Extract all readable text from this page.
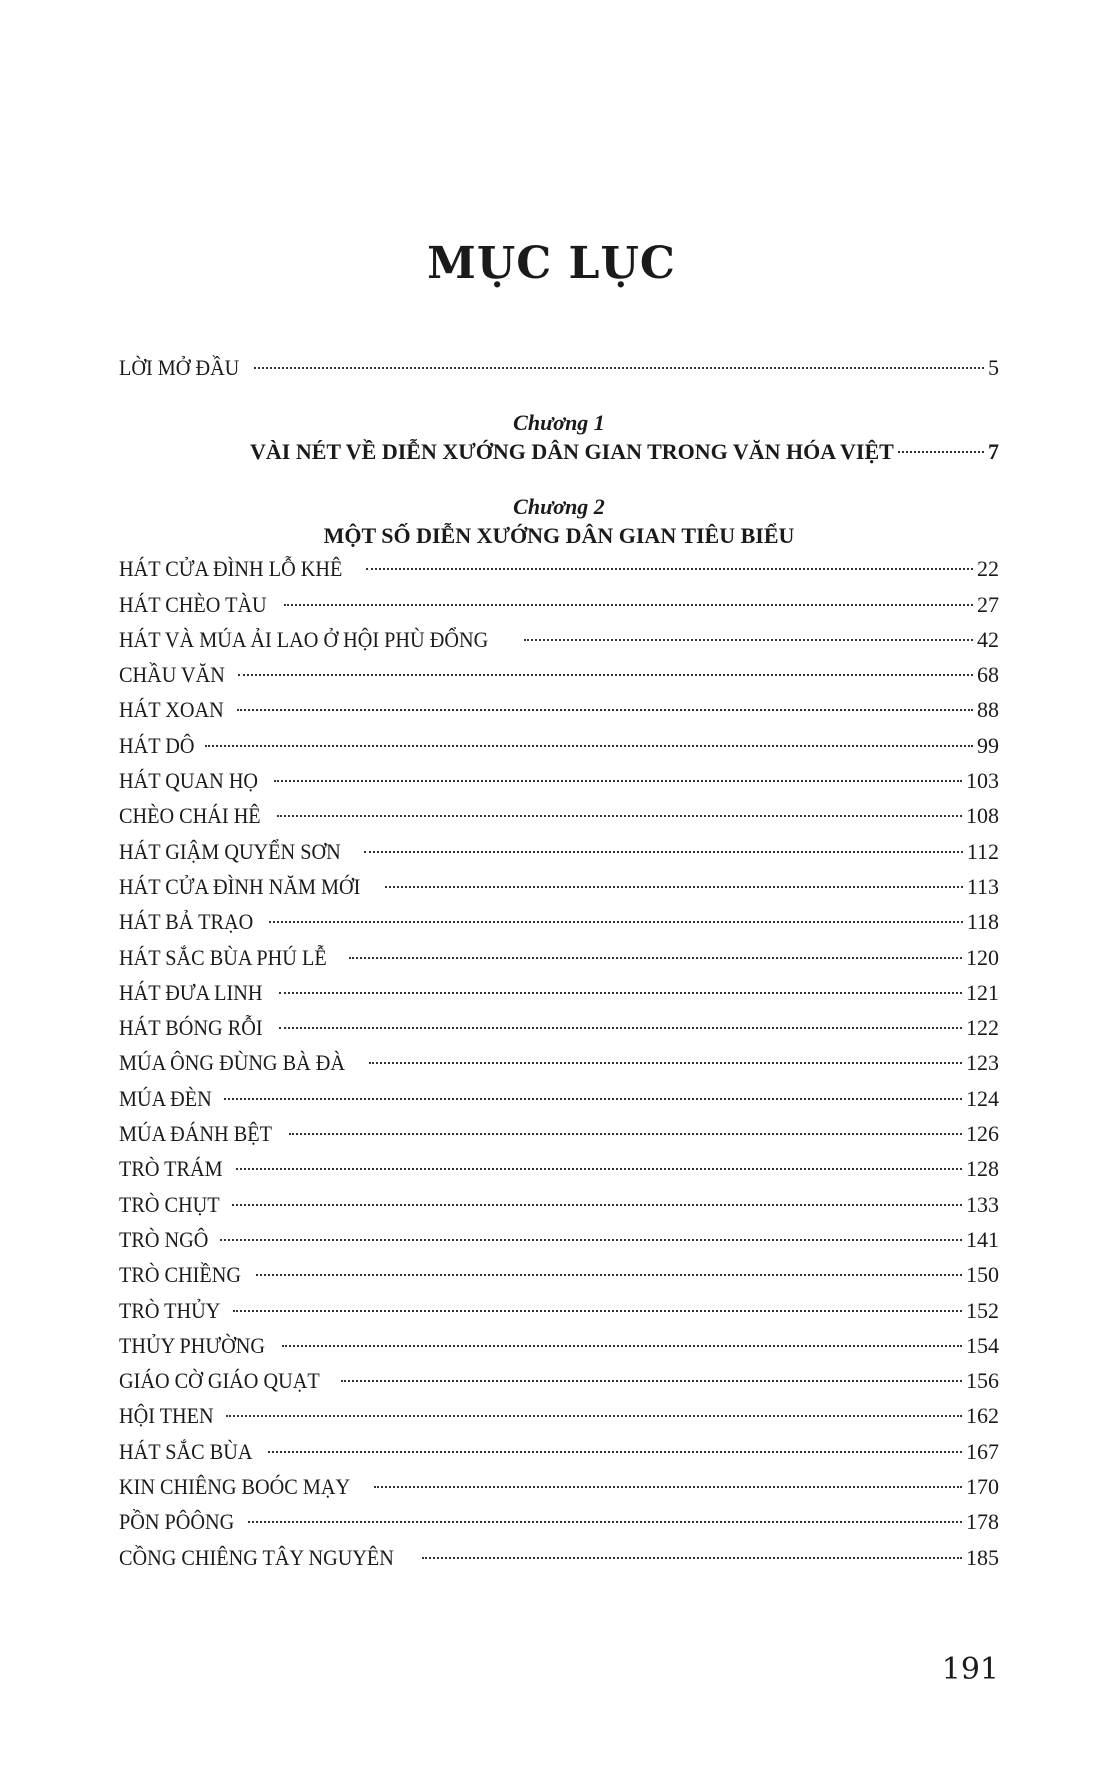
MỤC LỤC
LỜI MỞ ĐẦU	5
Chương 1
VÀI NÉT VỀ DIỄN XƯỚNG DÂN GIAN TRONG VĂN HÓA VIỆT	7
Chương 2
MỘT SỐ DIỄN XƯỚNG DÂN GIAN TIÊU BIỂU
HÁT CỬA ĐÌNH LỖ KHÊ	22
HÁT CHÈO TÀU	27
HÁT VÀ MÚA ẢI LAO Ở HỘI PHÙ ĐỔNG	42
CHẦU VĂN	68
HÁT XOAN	88
HÁT DÔ	99
HÁT QUAN HỌ	103
CHÈO CHÁI HÊ	108
HÁT GIẬM QUYỂN SƠN	112
HÁT CỬA ĐÌNH NĂM MỚI	113
HÁT BẢ TRẠO	118
HÁT SẮC BÙA PHÚ LỄ	120
HÁT ĐƯA LINH	121
HÁT BÓNG RỖI	122
MÚA ÔNG ĐÙNG BÀ ĐÀ	123
MÚA ĐÈN	124
MÚA ĐÁNH BỆT	126
TRÒ TRÁM	128
TRÒ CHỤT	133
TRÒ NGÔ	141
TRÒ CHIỀNG	150
TRÒ THỦY	152
THỦY PHƯỜNG	154
GIÁO CỜ GIÁO QUẠT	156
HỘI THEN	162
HÁT SẮC BÙA	167
KIN CHIÊNG BOÓC MẠY	170
PỒN PÔÔNG	178
CỒNG CHIÊNG TÂY NGUYÊN	185
191
